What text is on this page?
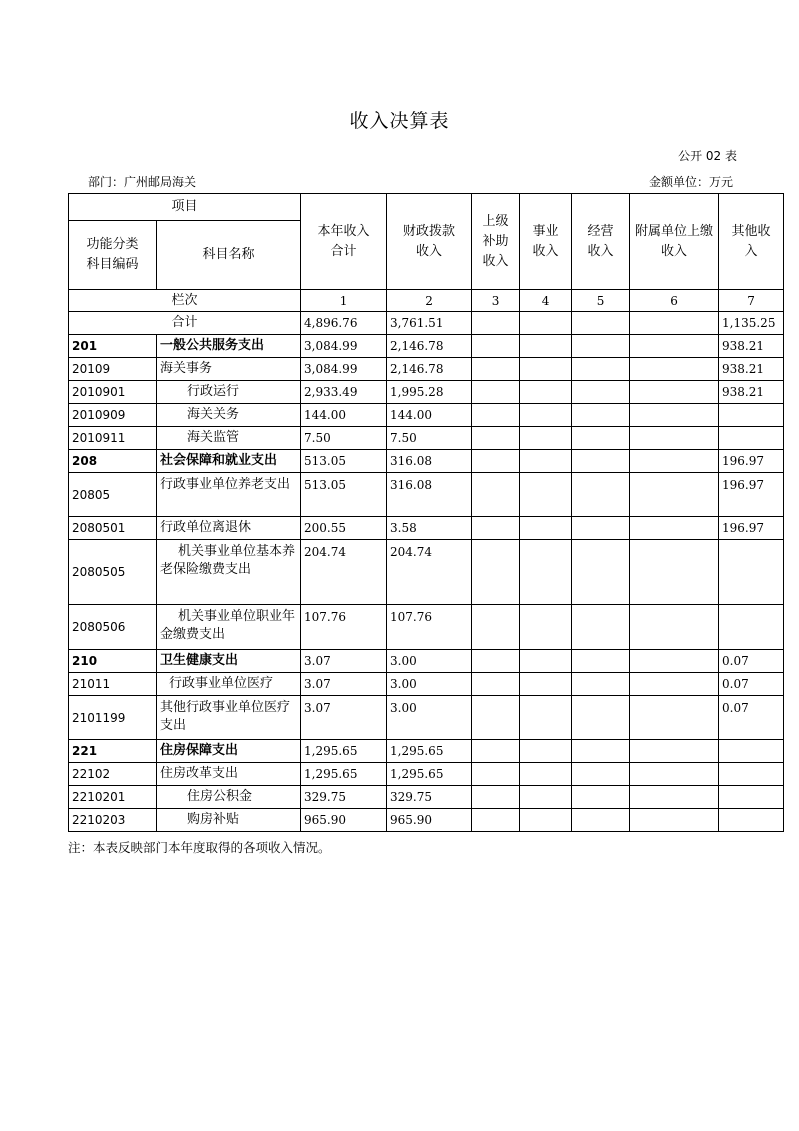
收入决算表
公开 02 表
部门：广州邮局海关	金额单位：万元
项目		本年收入合计	财政拨款收入	上级补助收入	事业收入	经营收入	附属单位上缴收入	其他收入
功能分类科目编码	科目名称							
栏次		1	2	3	4	5	6	7
合计		4,896.76	3,761.51					1,135.25
201	一般公共服务支出	3,084.99	2,146.78					938.21
20109	海关事务	3,084.99	2,146.78					938.21
2010901	行政运行	2,933.49	1,995.28					938.21
2010909	海关关务	144.00	144.00					
2010911	海关监管	7.50	7.50					
208	社会保障和就业支出	513.05	316.08					196.97
20805	行政事业单位养老支出	513.05	316.08					196.97
2080501	行政单位离退休	200.55	3.58					196.97
2080505	机关事业单位基本养老保险缴费支出	204.74	204.74					
2080506	机关事业单位职业年金缴费支出	107.76	107.76					
210	卫生健康支出	3.07	3.00					0.07
21011	行政事业单位医疗	3.07	3.00					0.07
2101199	其他行政事业单位医疗支出	3.07	3.00					0.07
221	住房保障支出	1,295.65	1,295.65					
22102	住房改革支出	1,295.65	1,295.65					
2210201	住房公积金	329.75	329.75					
2210203	购房补贴	965.90	965.90					
注：本表反映部门本年度取得的各项收入情况。
